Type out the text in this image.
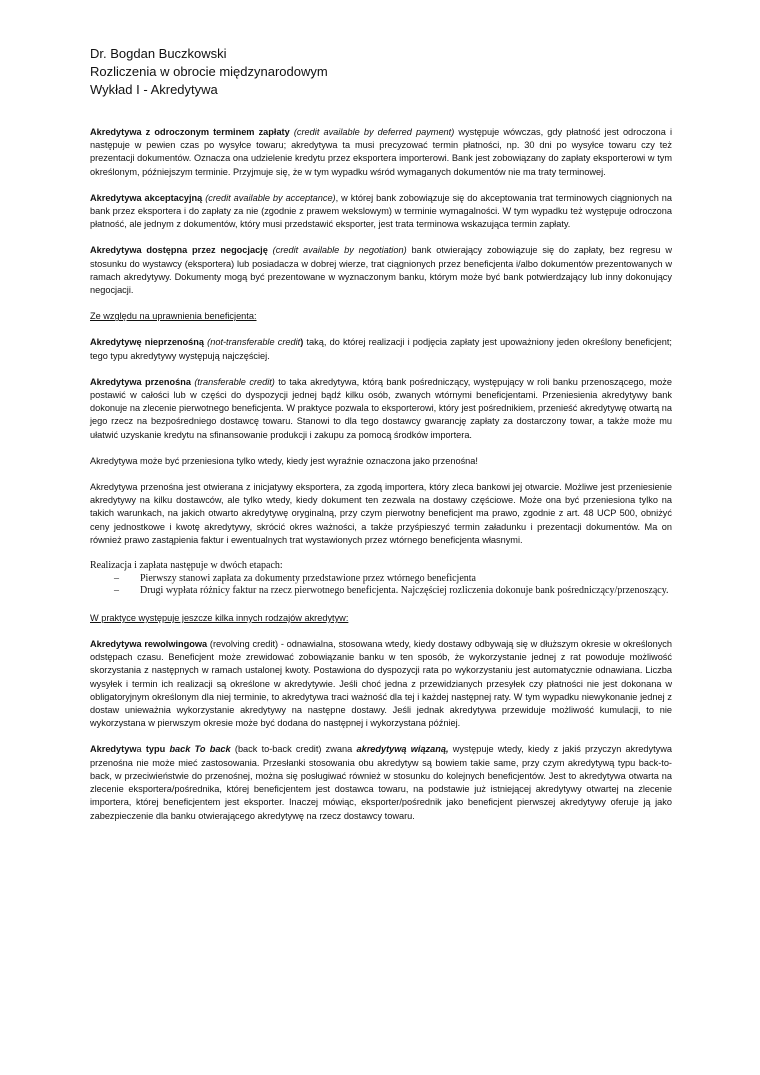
Dr. Bogdan Buczkowski
Rozliczenia w obrocie międzynarodowym
Wykład I - Akredytywa

Akredytywa z odroczonym terminem zapłaty (credit available by deferred payment) występuje wówczas, gdy płatność jest odroczona i następuje w pewien czas po wysyłce towaru; akredytywa ta musi precyzować termin płatności, np. 30 dni po wysyłce towaru czy też prezentacji dokumentów. Oznacza ona udzielenie kredytu przez eksportera importerowi. Bank jest zobowiązany do zapłaty eksporterowi w tym określonym, późniejszym terminie. Przyjmuje się, że w tym wypadku wśród wymaganych dokumentów nie ma traty terminowej.

Akredytywa akceptacyjną (credit available by acceptance), w której bank zobowiązuje się do akceptowania trat terminowych ciągnionych na bank przez eksportera i do zapłaty za nie (zgodnie z prawem wekslowym) w terminie wymagalności. W tym wypadku też występuje odroczona płatność, ale jednym z dokumentów, który musi przedstawić eksporter, jest trata terminowa wskazująca termin zapłaty.

Akredytywa dostępna przez negocjację (credit available by negotiation) bank otwierający zobowiązuje się do zapłaty, bez regresu w stosunku do wystawcy (eksportera) lub posiadacza w dobrej wierze, trat ciągnionych przez beneficjenta i/albo dokumentów prezentowanych w ramach akredytywy. Dokumenty mogą być prezentowane w wyznaczonym banku, którym może być bank potwierdzający lub inny dokonujący negocjacji.

Ze względu na uprawnienia beneficjenta:

Akredytywę nieprzenośną (not-transferable credit) taką, do której realizacji i podjęcia zapłaty jest upoważniony jeden określony beneficjent; tego typu akredytywy występują najczęściej.

Akredytywa przenośna (transferable credit) to taka akredytywa, którą bank pośredniczący, występujący w roli banku przenoszącego, może postawić w całości lub w części do dyspozycji jednej bądź kilku osób, zwanych wtórnymi beneficjentami. Przeniesienia akredytywy bank dokonuje na zlecenie pierwotnego beneficjenta. W praktyce pozwala to eksporterowi, który jest pośrednikiem, przenieść akredytywę otwartą na jego rzecz na bezpośredniego dostawcę towaru. Stanowi to dla tego dostawcy gwarancję zapłaty za dostarczony towar, a także może mu ułatwić uzyskanie kredytu na sfinansowanie produkcji i zakupu za pomocą środków importera.

Akredytywa może być przeniesiona tylko wtedy, kiedy jest wyraźnie oznaczona jako przenośna!

Akredytywa przenośna jest otwierana z inicjatywy eksportera, za zgodą importera, który zleca bankowi jej otwarcie. Możliwe jest przeniesienie akredytywy na kilku dostawców, ale tylko wtedy, kiedy dokument ten zezwala na dostawy częściowe. Może ona być przeniesiona tylko na takich warunkach, na jakich otwarto akredytywę oryginalną, przy czym pierwotny beneficjent ma prawo, zgodnie z art. 48 UCP 500, obniżyć ceny jednostkowe i kwotę akredytywy, skrócić okres ważności, a także przyśpieszyć termin załadunku i prezentacji dokumentów. Ma on również prawo zastąpienia faktur i ewentualnych trat wystawionych przez wtórnego beneficjenta własnymi.

Realizacja i zapłata następuje w dwóch etapach:
– Pierwszy stanowi zapłata za dokumenty przedstawione przez wtórnego beneficjenta
– Drugi wypłata różnicy faktur na rzecz pierwotnego beneficjenta. Najczęściej rozliczenia dokonuje bank pośredniczący/przenoszący.

W praktyce występuje jeszcze kilka innych rodzajów akredytyw:

Akredytywa rewolwingowa (revolving credit) - odnawialna, stosowana wtedy, kiedy dostawy odbywają się w dłuższym okresie w określonych odstępach czasu. Beneficjent może zrewidować zobowiązanie banku w ten sposób, że wykorzystanie jednej z rat powoduje możliwość skorzystania z następnych w ramach ustalonej kwoty. Postawiona do dyspozycji rata po wykorzystaniu jest automatycznie odnawiana. Liczba wysyłek i termin ich realizacji są określone w akredytywie. Jeśli choć jedna z przewidzianych przesyłek czy płatności nie jest dokonana w obligatoryjnym określonym dla niej terminie, to akredytywa traci ważność dla tej i każdej następnej raty. W tym wypadku niewykonanie jednej z dostaw unieważnia wykorzystanie akredytywy na następne dostawy. Jeśli jednak akredytywa przewiduje możliwość kumulacji, to nie wykorzystana w pierwszym okresie może być dodana do następnej i wykorzystana później.

Akredytywa typu back To back (back to-back credit) zwana akredytywą wiązaną, występuje wtedy, kiedy z jakiś przyczyn akredytywa przenośna nie może mieć zastosowania. Przesłanki stosowania obu akredytyw są bowiem takie same, przy czym akredytywą typu back-to-back, w przeciwieństwie do przenośnej, można się posługiwać również w stosunku do kolejnych beneficjentów. Jest to akredytywa otwarta na zlecenie eksportera/pośrednika, której beneficjentem jest dostawca towaru, na podstawie już istniejącej akredytywy otwartej na zlecenie importera, której beneficjentem jest eksporter. Inaczej mówiąc, eksporter/pośrednik jako beneficjent pierwszej akredytywy oferuje ją jako zabezpieczenie dla banku otwierającego akredytywę na rzecz dostawcy towaru.
